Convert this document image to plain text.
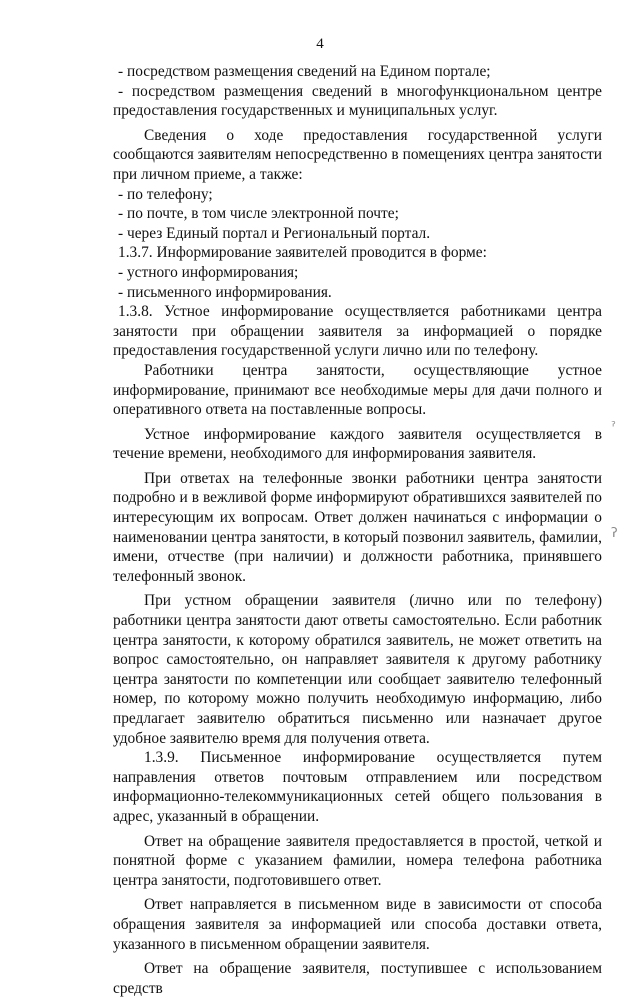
4

- посредством размещения сведений на Едином портале;

- посредством размещения сведений в многофункциональном центре предоставления государственных и муниципальных услуг.

Сведения о ходе предоставления государственной услуги сообщаются заявителям непосредственно в помещениях центра занятости при личном приеме, а также:

- по телефону;

- по почте, в том числе электронной почте;

- через Единый портал и Региональный портал.

1.3.7. Информирование заявителей проводится в форме:

- устного информирования;

- письменного информирования.

1.3.8. Устное информирование осуществляется работниками центра занятости при обращении заявителя за информацией о порядке предоставления государственной услуги лично или по телефону.

Работники центра занятости, осуществляющие устное информирование, принимают все необходимые меры для дачи полного и оперативного ответа на поставленные вопросы.

Устное информирование каждого заявителя осуществляется в течение времени, необходимого для информирования заявителя.

При ответах на телефонные звонки работники центра занятости подробно и в вежливой форме информируют обратившихся заявителей по интересующим их вопросам. Ответ должен начинаться с информации о наименовании центра занятости, в который позвонил заявитель, фамилии, имени, отчестве (при наличии) и должности работника, принявшего телефонный звонок.

При устном обращении заявителя (лично или по телефону) работники центра занятости дают ответы самостоятельно. Если работник центра занятости, к которому обратился заявитель, не может ответить на вопрос самостоятельно, он направляет заявителя к другому работнику центра занятости по компетенции или сообщает заявителю телефонный номер, по которому можно получить необходимую информацию, либо предлагает заявителю обратиться письменно или назначает другое удобное заявителю время для получения ответа.

1.3.9. Письменное информирование осуществляется путем направления ответов почтовым отправлением или посредством информационно-телекоммуникационных сетей общего пользования в адрес, указанный в обращении.

Ответ на обращение заявителя предоставляется в простой, четкой и понятной форме с указанием фамилии, номера телефона работника центра занятости, подготовившего ответ.

Ответ направляется в письменном виде в зависимости от способа обращения заявителя за информацией или способа доставки ответа, указанного в письменном обращении заявителя.

Ответ на обращение заявителя, поступившее с использованием средств

ˀ
ʔ
